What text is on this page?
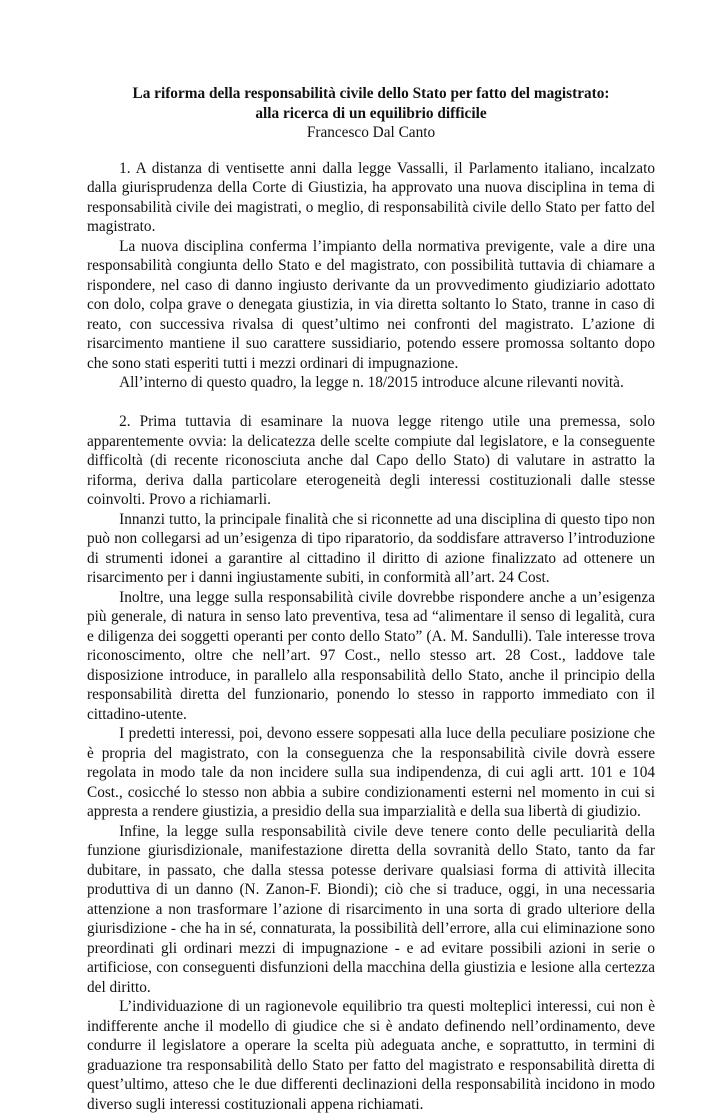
La riforma della responsabilità civile dello Stato per fatto del magistrato:

alla ricerca di un equilibrio difficile

Francesco Dal Canto

1. A distanza di ventisette anni dalla legge Vassalli, il Parlamento italiano, incalzato dalla giurisprudenza della Corte di Giustizia, ha approvato una nuova disciplina in tema di responsabilità civile dei magistrati, o meglio, di responsabilità civile dello Stato per fatto del magistrato.

La nuova disciplina conferma l’impianto della normativa previgente, vale a dire una responsabilità congiunta dello Stato e del magistrato, con possibilità tuttavia di chiamare a rispondere, nel caso di danno ingiusto derivante da un provvedimento giudiziario adottato con dolo, colpa grave o denegata giustizia, in via diretta soltanto lo Stato, tranne in caso di reato, con successiva rivalsa di quest’ultimo nei confronti del magistrato. L’azione di risarcimento mantiene il suo carattere sussidiario, potendo essere promossa soltanto dopo che sono stati esperiti tutti i mezzi ordinari di impugnazione.

All’interno di questo quadro, la legge n. 18/2015 introduce alcune rilevanti novità.

2. Prima tuttavia di esaminare la nuova legge ritengo utile una premessa, solo apparentemente ovvia: la delicatezza delle scelte compiute dal legislatore, e la conseguente difficoltà (di recente riconosciuta anche dal Capo dello Stato) di valutare in astratto la riforma, deriva dalla particolare eterogeneità degli interessi costituzionali dalle stesse coinvolti. Provo a richiamarli.

Innanzi tutto, la principale finalità che si riconnette ad una disciplina di questo tipo non può non collegarsi ad un’esigenza di tipo riparatorio, da soddisfare attraverso l’introduzione di strumenti idonei a garantire al cittadino il diritto di azione finalizzato ad ottenere un risarcimento per i danni ingiustamente subiti, in conformità all’art. 24 Cost.

Inoltre, una legge sulla responsabilità civile dovrebbe rispondere anche a un’esigenza più generale, di natura in senso lato preventiva, tesa ad “alimentare il senso di legalità, cura e diligenza dei soggetti operanti per conto dello Stato” (A. M. Sandulli). Tale interesse trova riconoscimento, oltre che nell’art. 97 Cost., nello stesso art. 28 Cost., laddove tale disposizione introduce, in parallelo alla responsabilità dello Stato, anche il principio della responsabilità diretta del funzionario, ponendo lo stesso in rapporto immediato con il cittadino-utente.

I predetti interessi, poi, devono essere soppesati alla luce della peculiare posizione che è propria del magistrato, con la conseguenza che la responsabilità civile dovrà essere regolata in modo tale da non incidere sulla sua indipendenza, di cui agli artt. 101 e 104 Cost., cosicché lo stesso non abbia a subire condizionamenti esterni nel momento in cui si appresta a rendere giustizia, a presidio della sua imparzialità e della sua libertà di giudizio.

Infine, la legge sulla responsabilità civile deve tenere conto delle peculiarità della funzione giurisdizionale, manifestazione diretta della sovranità dello Stato, tanto da far dubitare, in passato, che dalla stessa potesse derivare qualsiasi forma di attività illecita produttiva di un danno (N. Zanon-F. Biondi); ciò che si traduce, oggi, in una necessaria attenzione a non trasformare l’azione di risarcimento in una sorta di grado ulteriore della giurisdizione - che ha in sé, connaturata, la possibilità dell’errore, alla cui eliminazione sono preordinati gli ordinari mezzi di impugnazione - e ad evitare possibili azioni in serie o artificiose, con conseguenti disfunzioni della macchina della giustizia e lesione alla certezza del diritto.

L’individuazione di un ragionevole equilibrio tra questi molteplici interessi, cui non è indifferente anche il modello di giudice che si è andato definendo nell’ordinamento, deve condurre il legislatore a operare la scelta più adeguata anche, e soprattutto, in termini di graduazione tra responsabilità dello Stato per fatto del magistrato e responsabilità diretta di quest’ultimo, atteso che le due differenti declinazioni della responsabilità incidono in modo diverso sugli interessi costituzionali appena richiamati.
